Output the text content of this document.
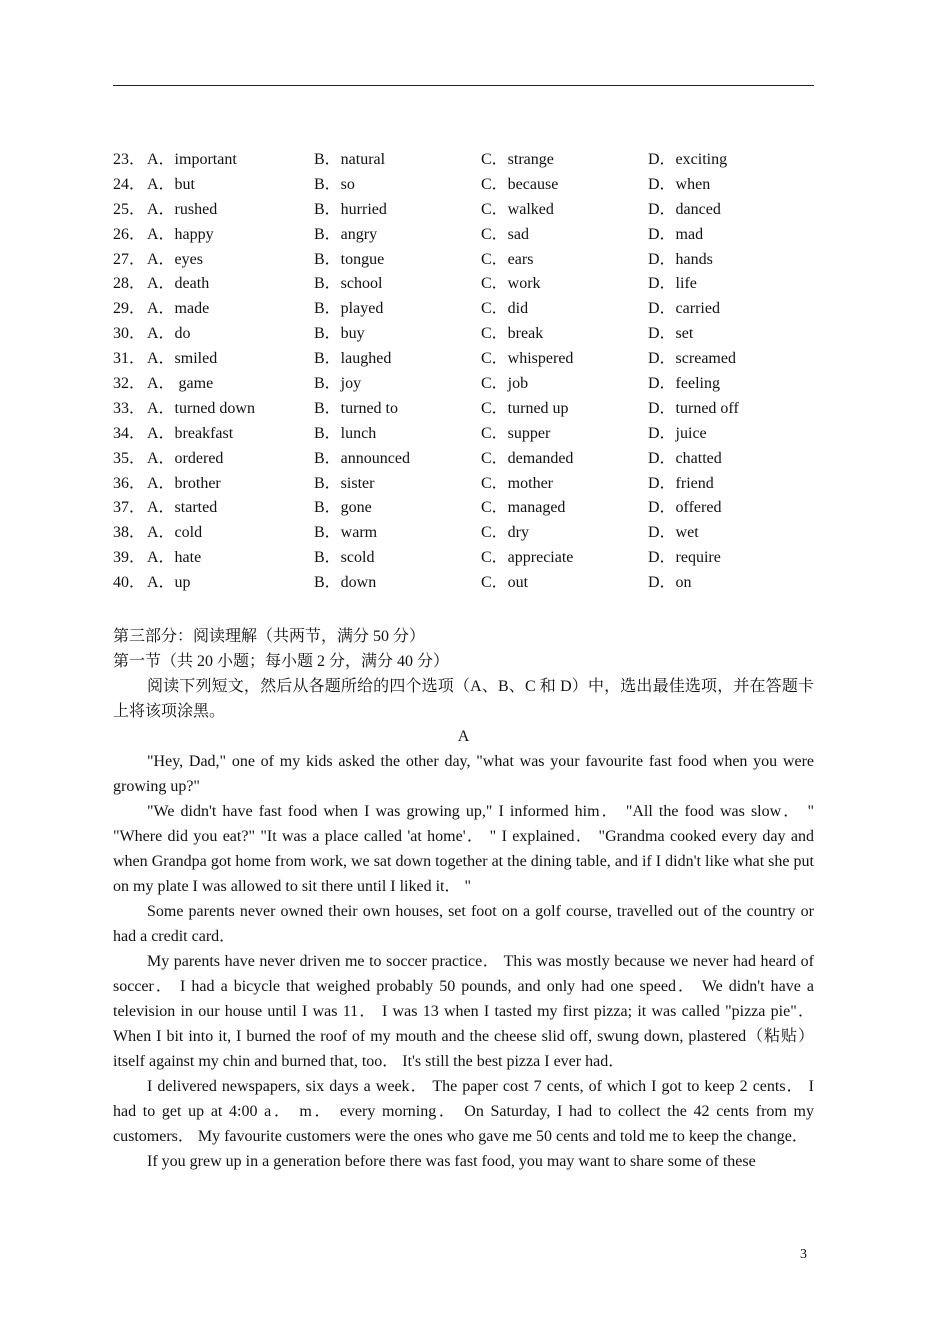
23． A．important	B．natural	C．strange	D．exciting
24． A．but	B．so	C．because	D．when
25． A．rushed	B．hurried	C．walked	D．danced
26． A．happy	B．angry	C．sad	D．mad
27． A．eyes	B．tongue	C．ears	D．hands
28． A．death	B．school	C．work	D．life
29． A．made	B．played	C．did	D．carried
30． A．do	B．buy	C．break	D．set
31． A．smiled	B．laughed	C．whispered	D．screamed
32． A． game	B．joy	C．job	D．feeling
33． A．turned down	B．turned to	C．turned up	D．turned off
34． A．breakfast	B．lunch	C．supper	D．juice
35． A．ordered	B．announced	C．demanded	D．chatted
36． A．brother	B．sister	C．mother	D．friend
37． A．started	B．gone	C．managed	D．offered
38． A．cold	B．warm	C．dry	D．wet
39． A．hate	B．scold	C．appreciate	D．require
40． A．up	B．down	C．out	D．on

第三部分：阅读理解（共两节，满分 50 分）

第一节（共 20 小题；每小题 2 分，满分 40 分）

阅读下列短文，然后从各题所给的四个选项（A、B、C 和 D）中，选出最佳选项，并在答题卡上将该项涂黑。

A

"Hey, Dad," one of my kids asked the other day, "what was your favourite fast food when you were growing up?"

"We didn't have fast food when I was growing up," I informed him． "All the food was slow． " "Where did you eat?" "It was a place called 'at home'． " I explained． "Grandma cooked every day and when Grandpa got home from work, we sat down together at the dining table, and if I didn't like what she put on my plate I was allowed to sit there until I liked it． "

Some parents never owned their own houses, set foot on a golf course, travelled out of the country or had a credit card．

My parents have never driven me to soccer practice． This was mostly because we never had heard of soccer． I had a bicycle that weighed probably 50 pounds, and only had one speed． We didn't have a television in our house until I was 11． I was 13 when I tasted my first pizza; it was called "pizza pie"． When I bit into it, I burned the roof of my mouth and the cheese slid off, swung down, plastered（粘贴）itself against my chin and burned that, too． It's still the best pizza I ever had．

I delivered newspapers, six days a week． The paper cost 7 cents, of which I got to keep 2 cents． I had to get up at 4:00 a． m． every morning． On Saturday, I had to collect the 42 cents from my customers． My favourite customers were the ones who gave me 50 cents and told me to keep the change．

If you grew up in a generation before there was fast food, you may want to share some of these

3
